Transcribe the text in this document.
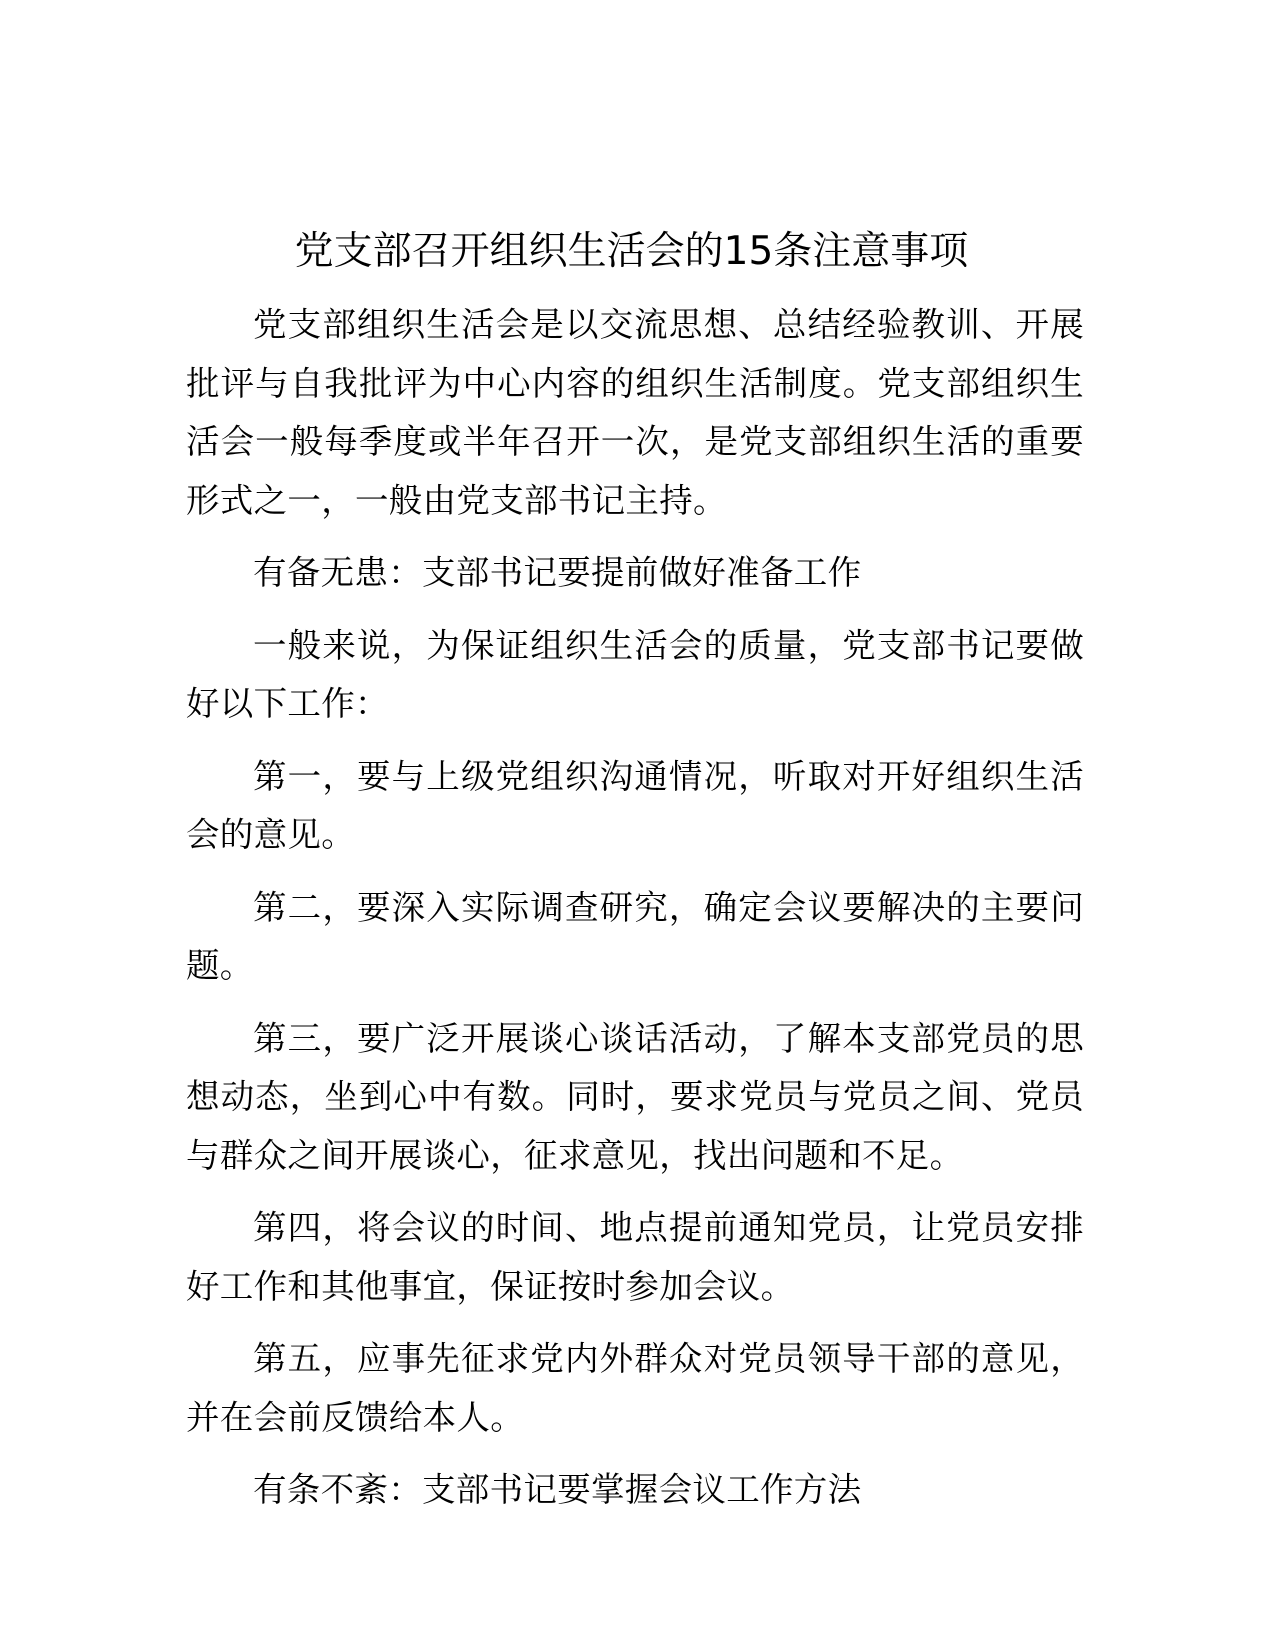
党支部召开组织生活会的15条注意事项

党支部组织生活会是以交流思想、总结经验教训、开展批评与自我批评为中心内容的组织生活制度。党支部组织生活会一般每季度或半年召开一次，是党支部组织生活的重要形式之一，一般由党支部书记主持。

有备无患：支部书记要提前做好准备工作

一般来说，为保证组织生活会的质量，党支部书记要做好以下工作：

第一，要与上级党组织沟通情况，听取对开好组织生活会的意见。

第二，要深入实际调查研究，确定会议要解决的主要问题。

第三，要广泛开展谈心谈话活动，了解本支部党员的思想动态，坐到心中有数。同时，要求党员与党员之间、党员与群众之间开展谈心，征求意见，找出问题和不足。

第四，将会议的时间、地点提前通知党员，让党员安排好工作和其他事宜，保证按时参加会议。

第五，应事先征求党内外群众对党员领导干部的意见，并在会前反馈给本人。

有条不紊：支部书记要掌握会议工作方法
